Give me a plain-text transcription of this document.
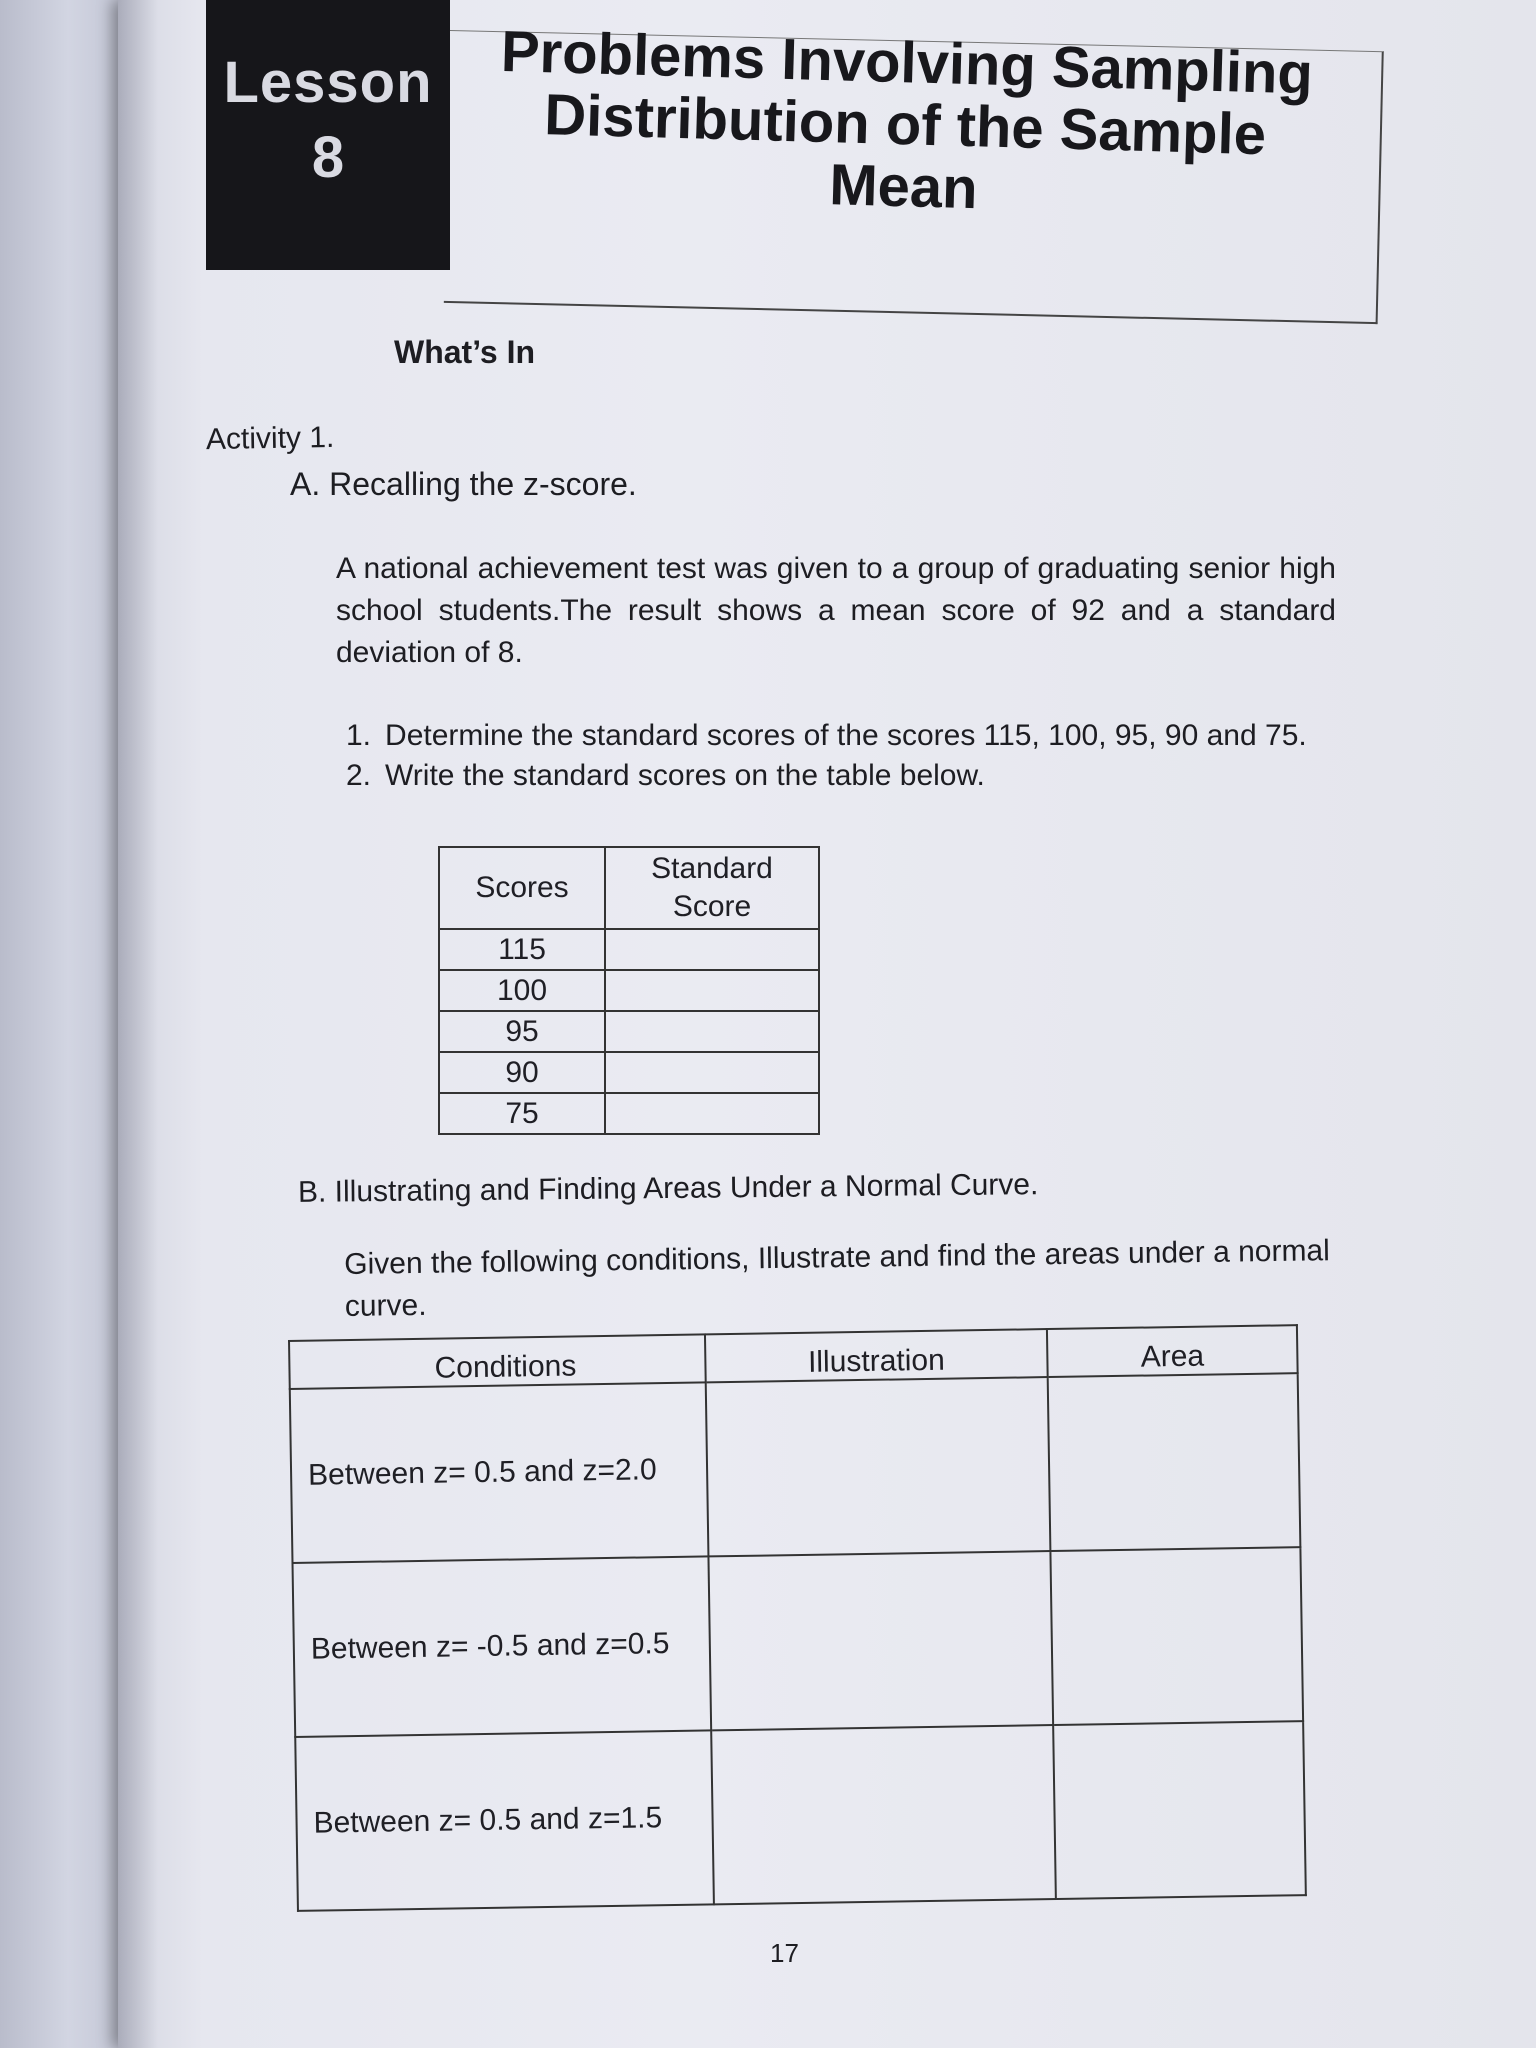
Lesson
8
Problems Involving Sampling
Distribution of the Sample
Mean
What’s In
Activity 1.
A. Recalling the z-score.
A national achievement test was given to a group of graduating senior high school students.The result shows a mean score of 92 and a standard deviation of 8.
1. Determine the standard scores of the scores 115, 100, 95, 90 and 75.
2. Write the standard scores on the table below.
Scores	Standard
Score

115	
100	
95	
90	
75	
B. Illustrating and Finding Areas Under a Normal Curve.
Given the following conditions, Illustrate and find the areas under a normal curve.
Conditions	Illustration	Area
Between z= 0.5 and z=2.0		
Between z= -0.5 and z=0.5		
Between z= 0.5 and z=1.5		
17
